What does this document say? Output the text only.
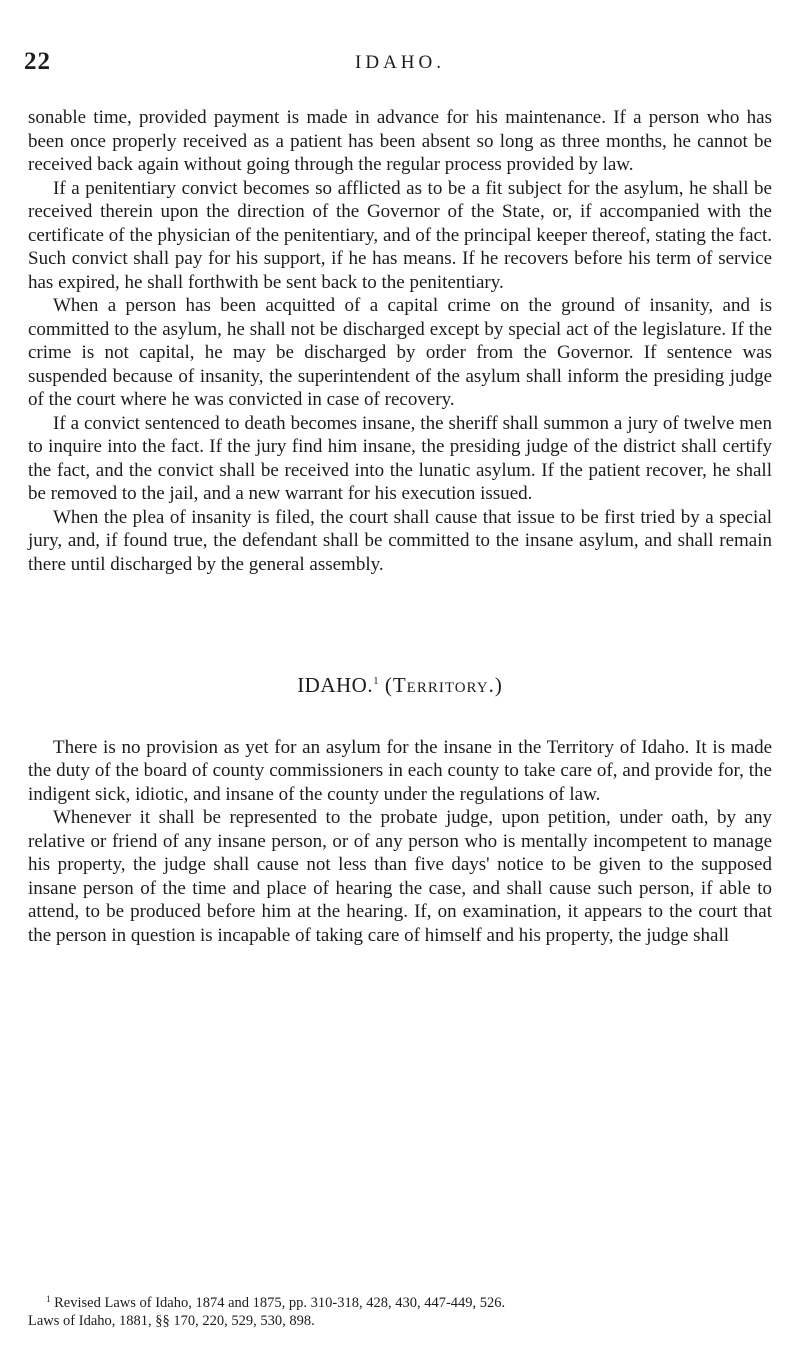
22	IDAHO.

sonable time, provided payment is made in advance for his maintenance. If a person who has been once properly received as a patient has been absent so long as three months, he cannot be received back again without going through the regular process provided by law.

If a penitentiary convict becomes so afflicted as to be a fit subject for the asylum, he shall be received therein upon the direction of the Governor of the State, or, if accompanied with the certificate of the physician of the penitentiary, and of the principal keeper thereof, stating the fact. Such convict shall pay for his support, if he has means. If he recovers before his term of service has expired, he shall forthwith be sent back to the penitentiary.

When a person has been acquitted of a capital crime on the ground of insanity, and is committed to the asylum, he shall not be discharged except by special act of the legislature. If the crime is not capital, he may be discharged by order from the Governor. If sentence was suspended because of insanity, the superintendent of the asylum shall inform the presiding judge of the court where he was convicted in case of recovery.

If a convict sentenced to death becomes insane, the sheriff shall summon a jury of twelve men to inquire into the fact. If the jury find him insane, the presiding judge of the district shall certify the fact, and the convict shall be received into the lunatic asylum. If the patient recover, he shall be removed to the jail, and a new warrant for his execution issued.

When the plea of insanity is filed, the court shall cause that issue to be first tried by a special jury, and, if found true, the defendant shall be committed to the insane asylum, and shall remain there until discharged by the general assembly.

IDAHO.$^1$ (Territory.)

There is no provision as yet for an asylum for the insane in the Territory of Idaho. It is made the duty of the board of county commissioners in each county to take care of, and provide for, the indigent sick, idiotic, and insane of the county under the regulations of law.

Whenever it shall be represented to the probate judge, upon petition, under oath, by any relative or friend of any insane person, or of any person who is mentally incompetent to manage his property, the judge shall cause not less than five days' notice to be given to the supposed insane person of the time and place of hearing the case, and shall cause such person, if able to attend, to be produced before him at the hearing. If, on examination, it appears to the court that the person in question is incapable of taking care of himself and his property, the judge shall

$^1$ Revised Laws of Idaho, 1874 and 1875, pp. 310-318, 428, 430, 447-449, 526.

Laws of Idaho, 1881, §§ 170, 220, 529, 530, 898.
